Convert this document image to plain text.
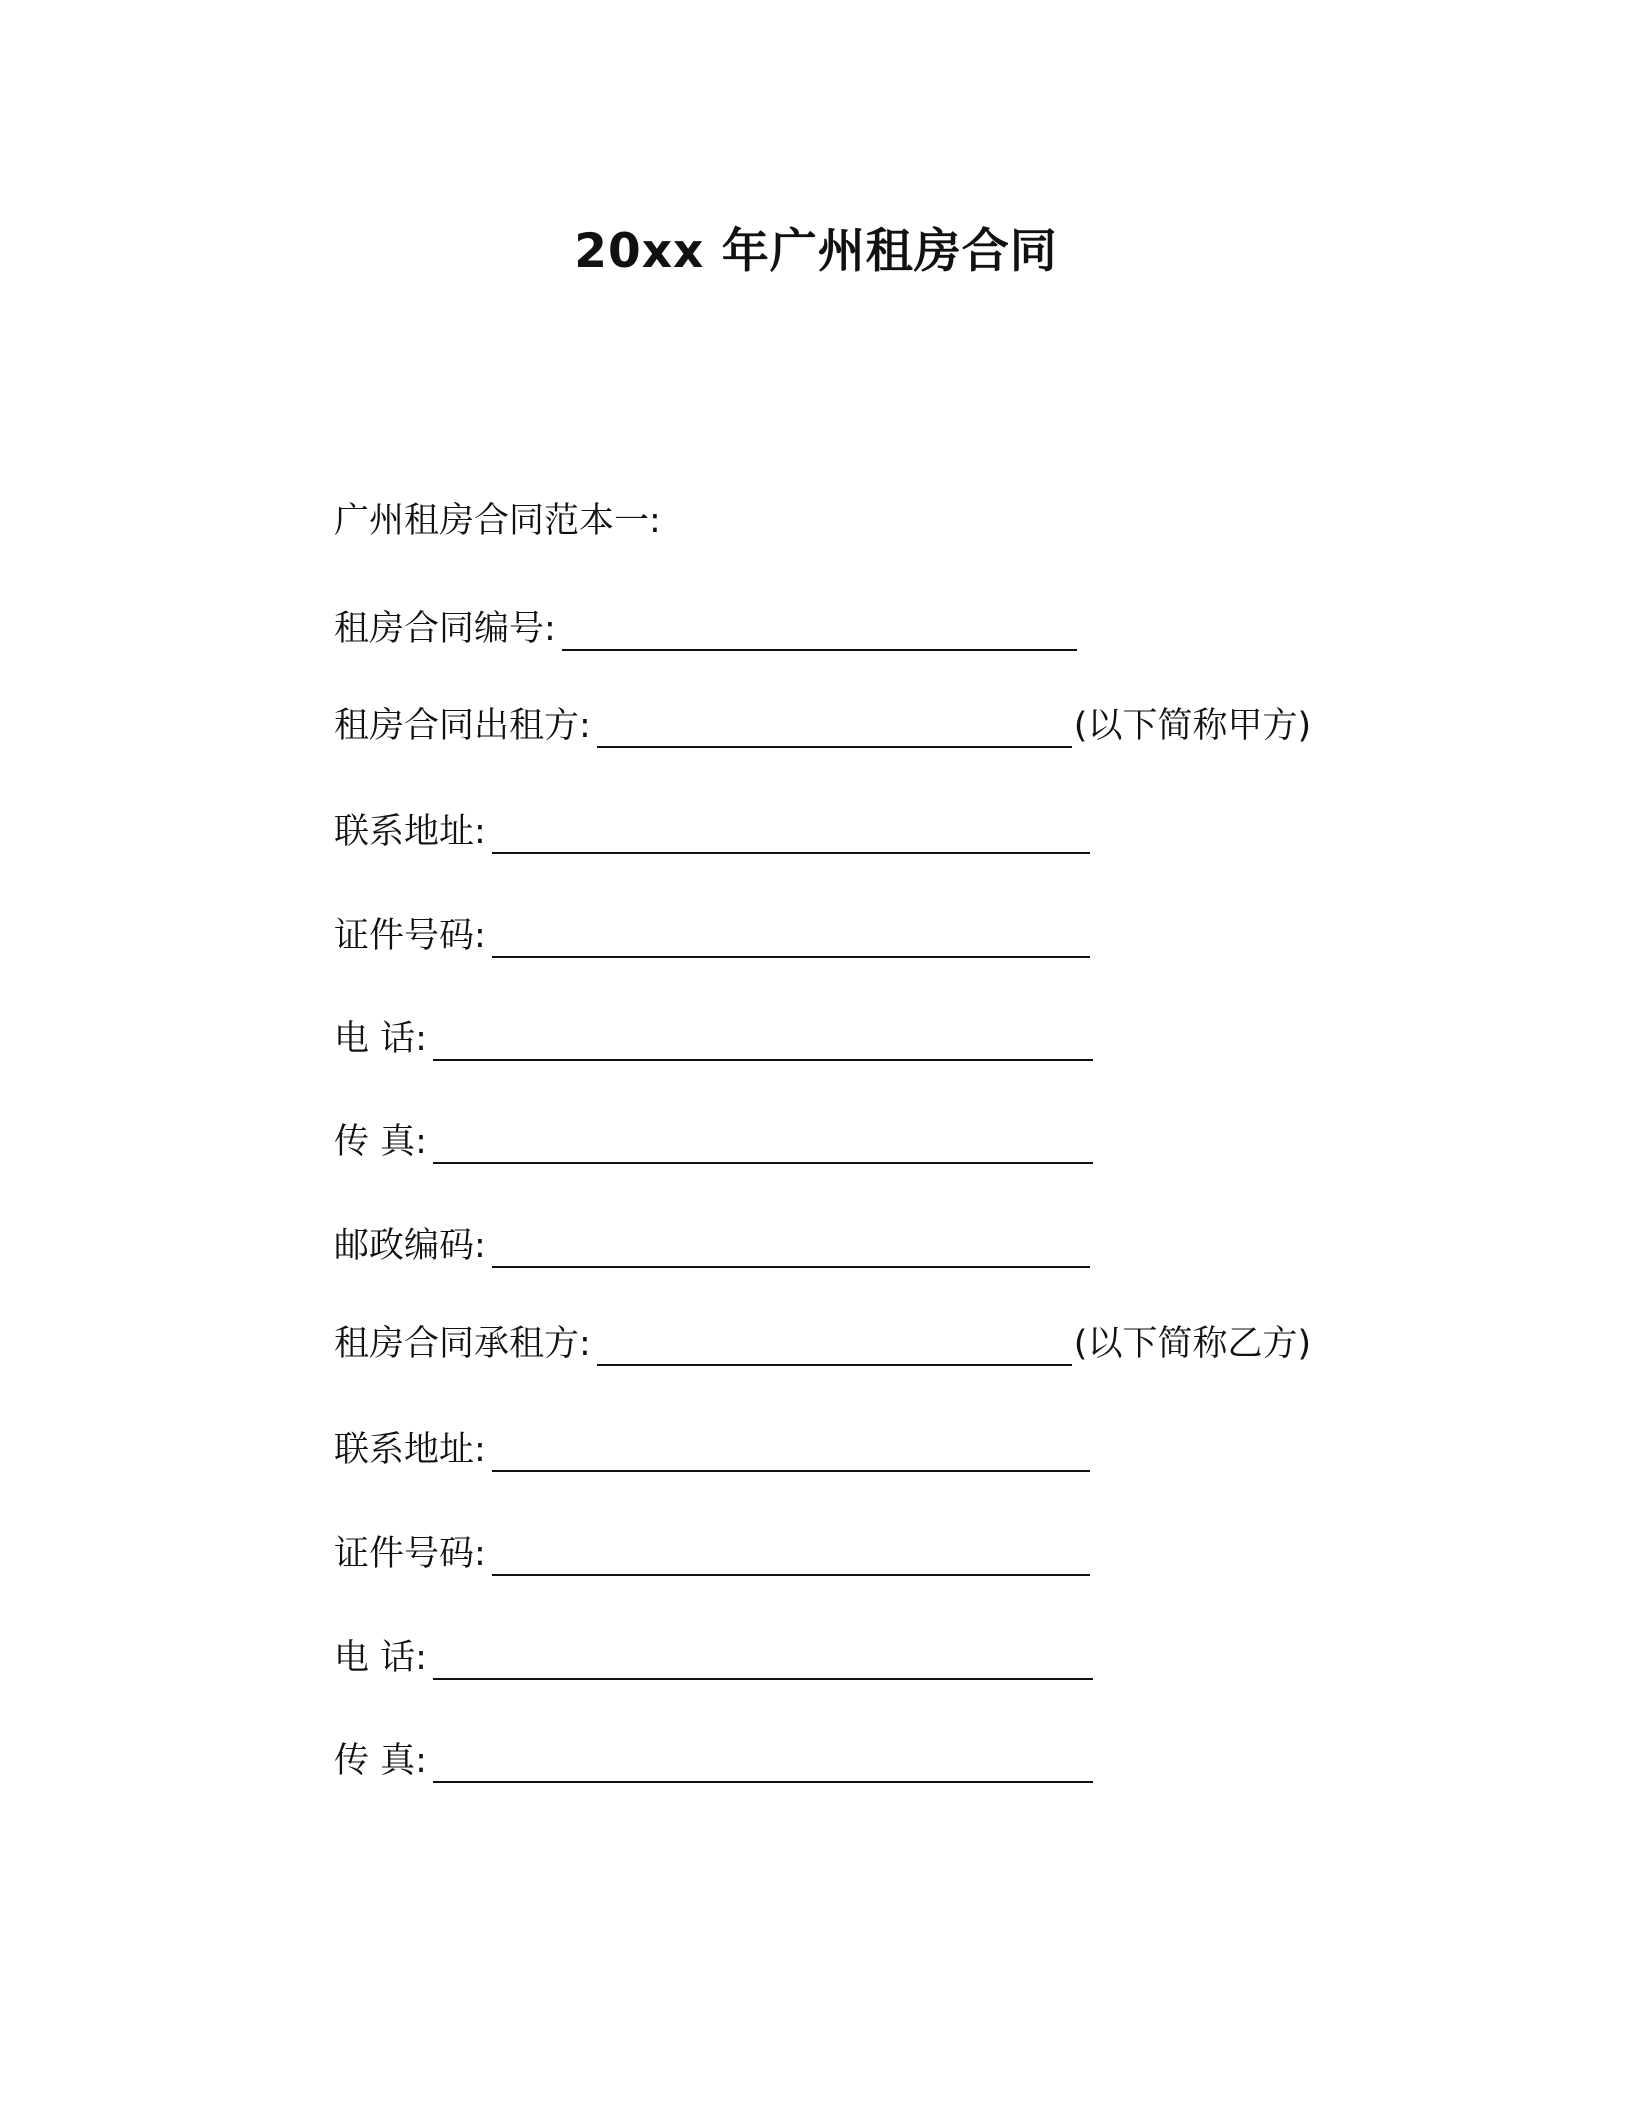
20xx 年广州租房合同
广州租房合同范本一:
租房合同编号:
租房合同出租方:	(以下简称甲方)
联系地址:
证件号码:
电 话:
传 真:
邮政编码:
租房合同承租方:	(以下简称乙方)
联系地址:
证件号码:
电 话:
传 真:
